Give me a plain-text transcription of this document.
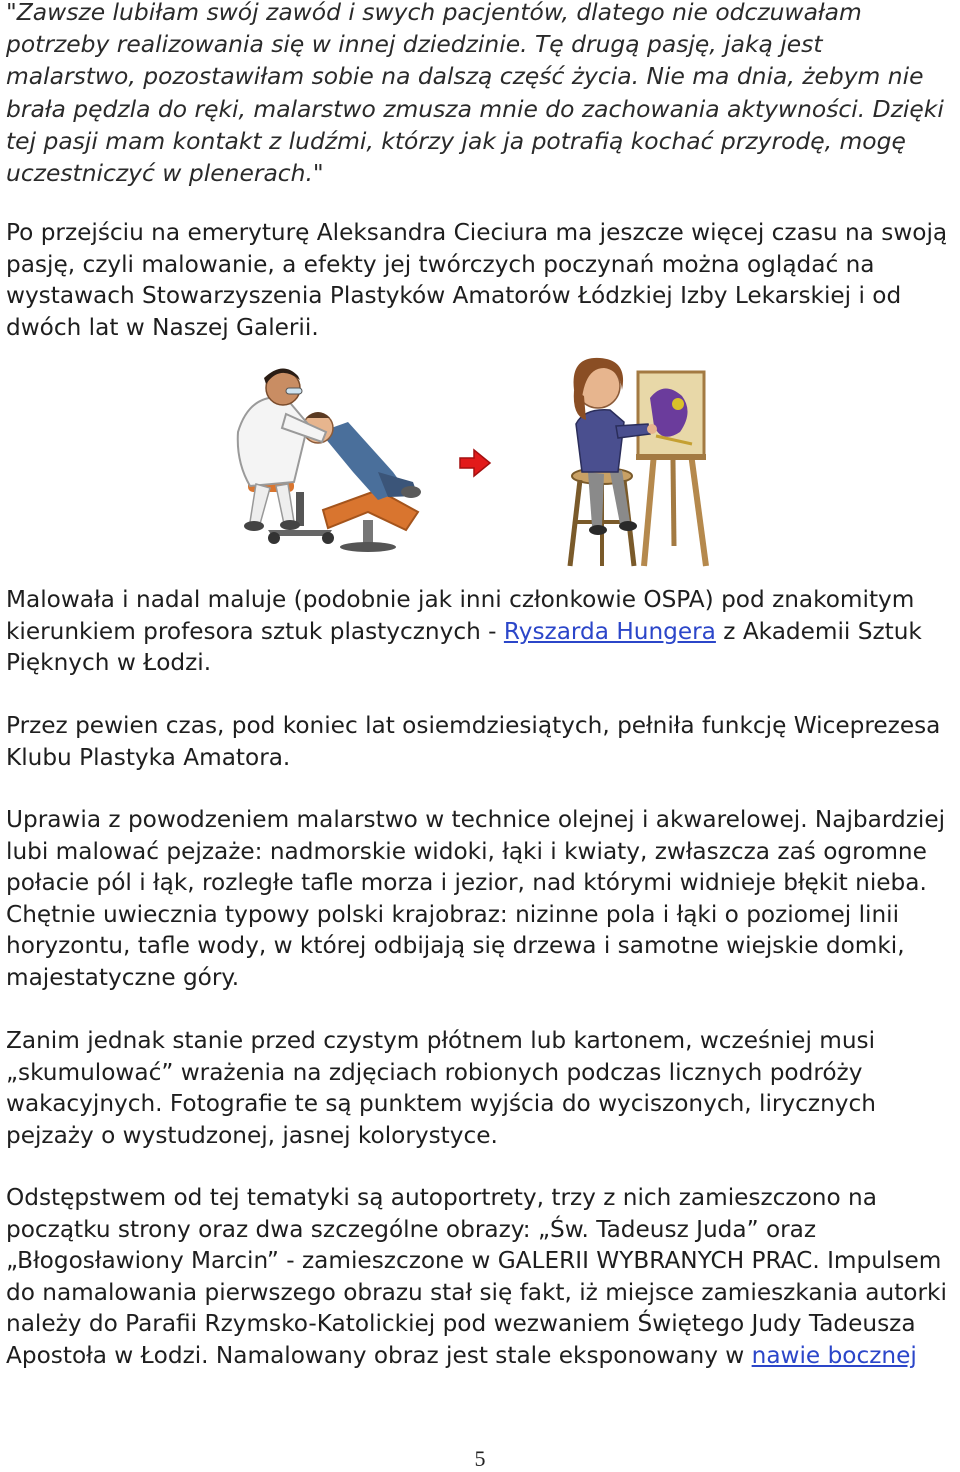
"Zawsze lubiłam swój zawód i swych pacjentów, dlatego nie odczuwałam potrzeby realizowania się w innej dziedzinie. Tę drugą pasję, jaką jest malarstwo, pozostawiłam sobie na dalszą część życia. Nie ma dnia, żebym nie brała pędzla do ręki, malarstwo zmusza mnie do zachowania aktywności. Dzięki tej pasji mam kontakt z ludźmi, którzy jak ja potrafią kochać przyrodę, mogę uczestniczyć w plenerach."

Po przejściu na emeryturę Aleksandra Cieciura ma jeszcze więcej czasu na swoją pasję, czyli malowanie, a efekty jej twórczych poczynań można oglądać na wystawach Stowarzyszenia Plastyków Amatorów Łódzkiej Izby Lekarskiej i od dwóch lat w Naszej Galerii.

Malowała i nadal maluje (podobnie jak inni członkowie OSPA) pod znakomitym kierunkiem profesora sztuk plastycznych - Ryszarda Hungera z Akademii Sztuk Pięknych w Łodzi.

Przez pewien czas, pod koniec lat osiemdziesiątych, pełniła funkcję Wiceprezesa Klubu Plastyka Amatora.

Uprawia z powodzeniem malarstwo w technice olejnej i akwarelowej. Najbardziej lubi malować pejzaże: nadmorskie widoki, łąki i kwiaty, zwłaszcza zaś ogromne połacie pól i łąk, rozległe tafle morza i jezior, nad którymi widnieje błękit nieba. Chętnie uwiecznia typowy polski krajobraz: nizinne pola i łąki o poziomej linii horyzontu, tafle wody, w której odbijają się drzewa i samotne wiejskie domki, majestatyczne góry.

Zanim jednak stanie przed czystym płótnem lub kartonem, wcześniej musi „skumulować” wrażenia na zdjęciach robionych podczas licznych podróży wakacyjnych. Fotografie te są punktem wyjścia do wyciszonych, lirycznych pejzaży o wystudzonej, jasnej kolorystyce.

Odstępstwem od tej tematyki są autoportrety, trzy z nich zamieszczono na początku strony oraz dwa szczególne obrazy: „Św. Tadeusz Juda” oraz „Błogosławiony Marcin” - zamieszczone w GALERII WYBRANYCH PRAC. Impulsem do namalowania pierwszego obrazu stał się fakt, iż miejsce zamieszkania autorki należy do Parafii Rzymsko-Katolickiej pod wezwaniem Świętego Judy Tadeusza Apostoła w Łodzi. Namalowany obraz jest stale eksponowany w nawie bocznej

5
